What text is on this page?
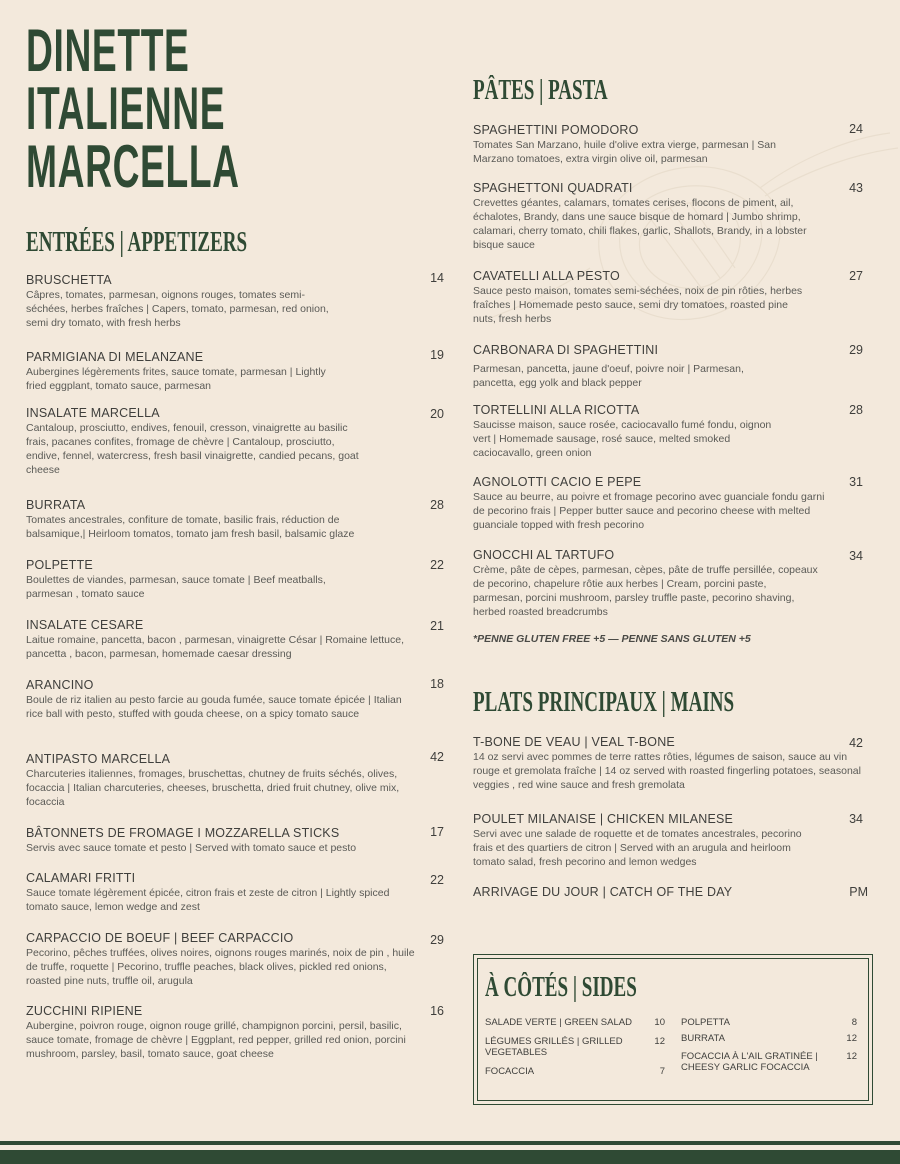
DINETTE
ITALIENNE
MARCELLA
ENTRÉES | APPETIZERS
BRUSCHETTA
Câpres, tomates, parmesan, oignons rouges, tomates semi-séchées, herbes fraîches | Capers, tomato, parmesan, red onion, semi dry tomato, with fresh herbs
14
PARMIGIANA DI MELANZANE
Aubergines légèrements frites, sauce tomate, parmesan | Lightly fried eggplant, tomato sauce, parmesan
19
INSALATE MARCELLA
Cantaloup, prosciutto, endives, fenouil, cresson, vinaigrette au basilic frais, pacanes confites, fromage de chèvre | Cantaloup, prosciutto, endive, fennel, watercress, fresh basil vinaigrette, candied pecans, goat cheese
20
BURRATA
Tomates ancestrales, confiture de tomate, basilic frais, réduction de balsamique,| Heirloom tomatos, tomato jam fresh basil, balsamic glaze
28
POLPETTE
Boulettes de viandes, parmesan, sauce tomate | Beef meatballs, parmesan , tomato sauce
22
INSALATE CESARE
Laitue romaine, pancetta, bacon , parmesan, vinaigrette César | Romaine lettuce, pancetta , bacon, parmesan, homemade caesar dressing
21
ARANCINO
Boule de riz italien au pesto farcie au gouda fumée, sauce tomate épicée | Italian rice ball with pesto, stuffed with gouda cheese, on a spicy tomato sauce
18
ANTIPASTO MARCELLA
Charcuteries italiennes, fromages, bruschettas, chutney de fruits séchés, olives, focaccia | Italian charcuteries, cheeses, bruschetta, dried fruit chutney, olive mix, focaccia
42
BÂTONNETS DE FROMAGE I MOZZARELLA STICKS
Servis avec sauce tomate et pesto | Served with tomato sauce et pesto
17
CALAMARI FRITTI
Sauce tomate légèrement épicée, citron frais et zeste de citron | Lightly spiced tomato sauce, lemon wedge and zest
22
CARPACCIO DE BOEUF | BEEF CARPACCIO
Pecorino, pêches truffées, olives noires, oignons rouges marinés, noix de pin , huile de truffe, roquette | Pecorino, truffle peaches, black olives, pickled red onions, roasted pine nuts, truffle oil, arugula
29
ZUCCHINI RIPIENE
Aubergine, poivron rouge, oignon rouge grillé, champignon porcini, persil, basilic, sauce tomate, fromage de chèvre | Eggplant, red pepper, grilled red onion, porcini mushroom, parsley, basil, tomato sauce, goat cheese
16
PÂTES | PASTA
SPAGHETTINI POMODORO
Tomates San Marzano, huile d'olive extra vierge, parmesan | San Marzano tomatoes, extra virgin olive oil, parmesan
24
SPAGHETTONI QUADRATI
Crevettes géantes, calamars, tomates cerises, flocons de piment, ail, échalotes, Brandy, dans une sauce bisque de homard | Jumbo shrimp, calamari, cherry tomato, chili flakes, garlic, Shallots, Brandy, in a lobster bisque sauce
43
CAVATELLI ALLA PESTO
Sauce pesto maison, tomates semi-séchées, noix de pin rôties, herbes fraîches | Homemade pesto sauce, semi dry tomatoes, roasted pine nuts, fresh herbs
27
CARBONARA DI SPAGHETTINI
Parmesan, pancetta, jaune d'oeuf, poivre noir | Parmesan, pancetta, egg yolk and black pepper
29
TORTELLINI ALLA RICOTTA
Saucisse maison, sauce rosée, caciocavallo fumé fondu, oignon vert | Homemade sausage, rosé sauce, melted smoked caciocavallo, green onion
28
AGNOLOTTI CACIO E PEPE
Sauce au beurre, au poivre et fromage pecorino avec guanciale fondu garni de pecorino frais | Pepper butter sauce and pecorino cheese with melted guanciale topped with fresh pecorino
31
GNOCCHI AL TARTUFO
Crème, pâte de cèpes, parmesan, cèpes, pâte de truffe persillée, copeaux de pecorino, chapelure rôtie aux herbes | Cream, porcini paste, parmesan, porcini mushroom, parsley truffle paste, pecorino shaving, herbed roasted breadcrumbs
34
*PENNE GLUTEN FREE +5 — PENNE SANS GLUTEN +5
PLATS PRINCIPAUX | MAINS
T-BONE DE VEAU | VEAL T-BONE
14 oz servi avec pommes de terre rattes rôties, légumes de saison, sauce au vin rouge et gremolata fraîche | 14 oz served with roasted fingerling potatoes, seasonal veggies , red wine sauce and fresh gremolata
42
POULET MILANAISE | CHICKEN MILANESE
Servi avec une salade de roquette et de tomates ancestrales, pecorino frais et des quartiers de citron | Served with an arugula and heirloom tomato salad, fresh pecorino and lemon wedges
34
ARRIVAGE DU JOUR | CATCH OF THE DAY	PM
À CÔTÉS | SIDES
SALADE VERTE | GREEN SALAD	10
LÉGUMES GRILLÉS | GRILLED VEGETABLES
12
FOCACCIA	7
POLPETTA	8
BURRATA	12
FOCACCIA À L'AIL GRATINÉE | CHEESY GARLIC FOCACCIA
12
